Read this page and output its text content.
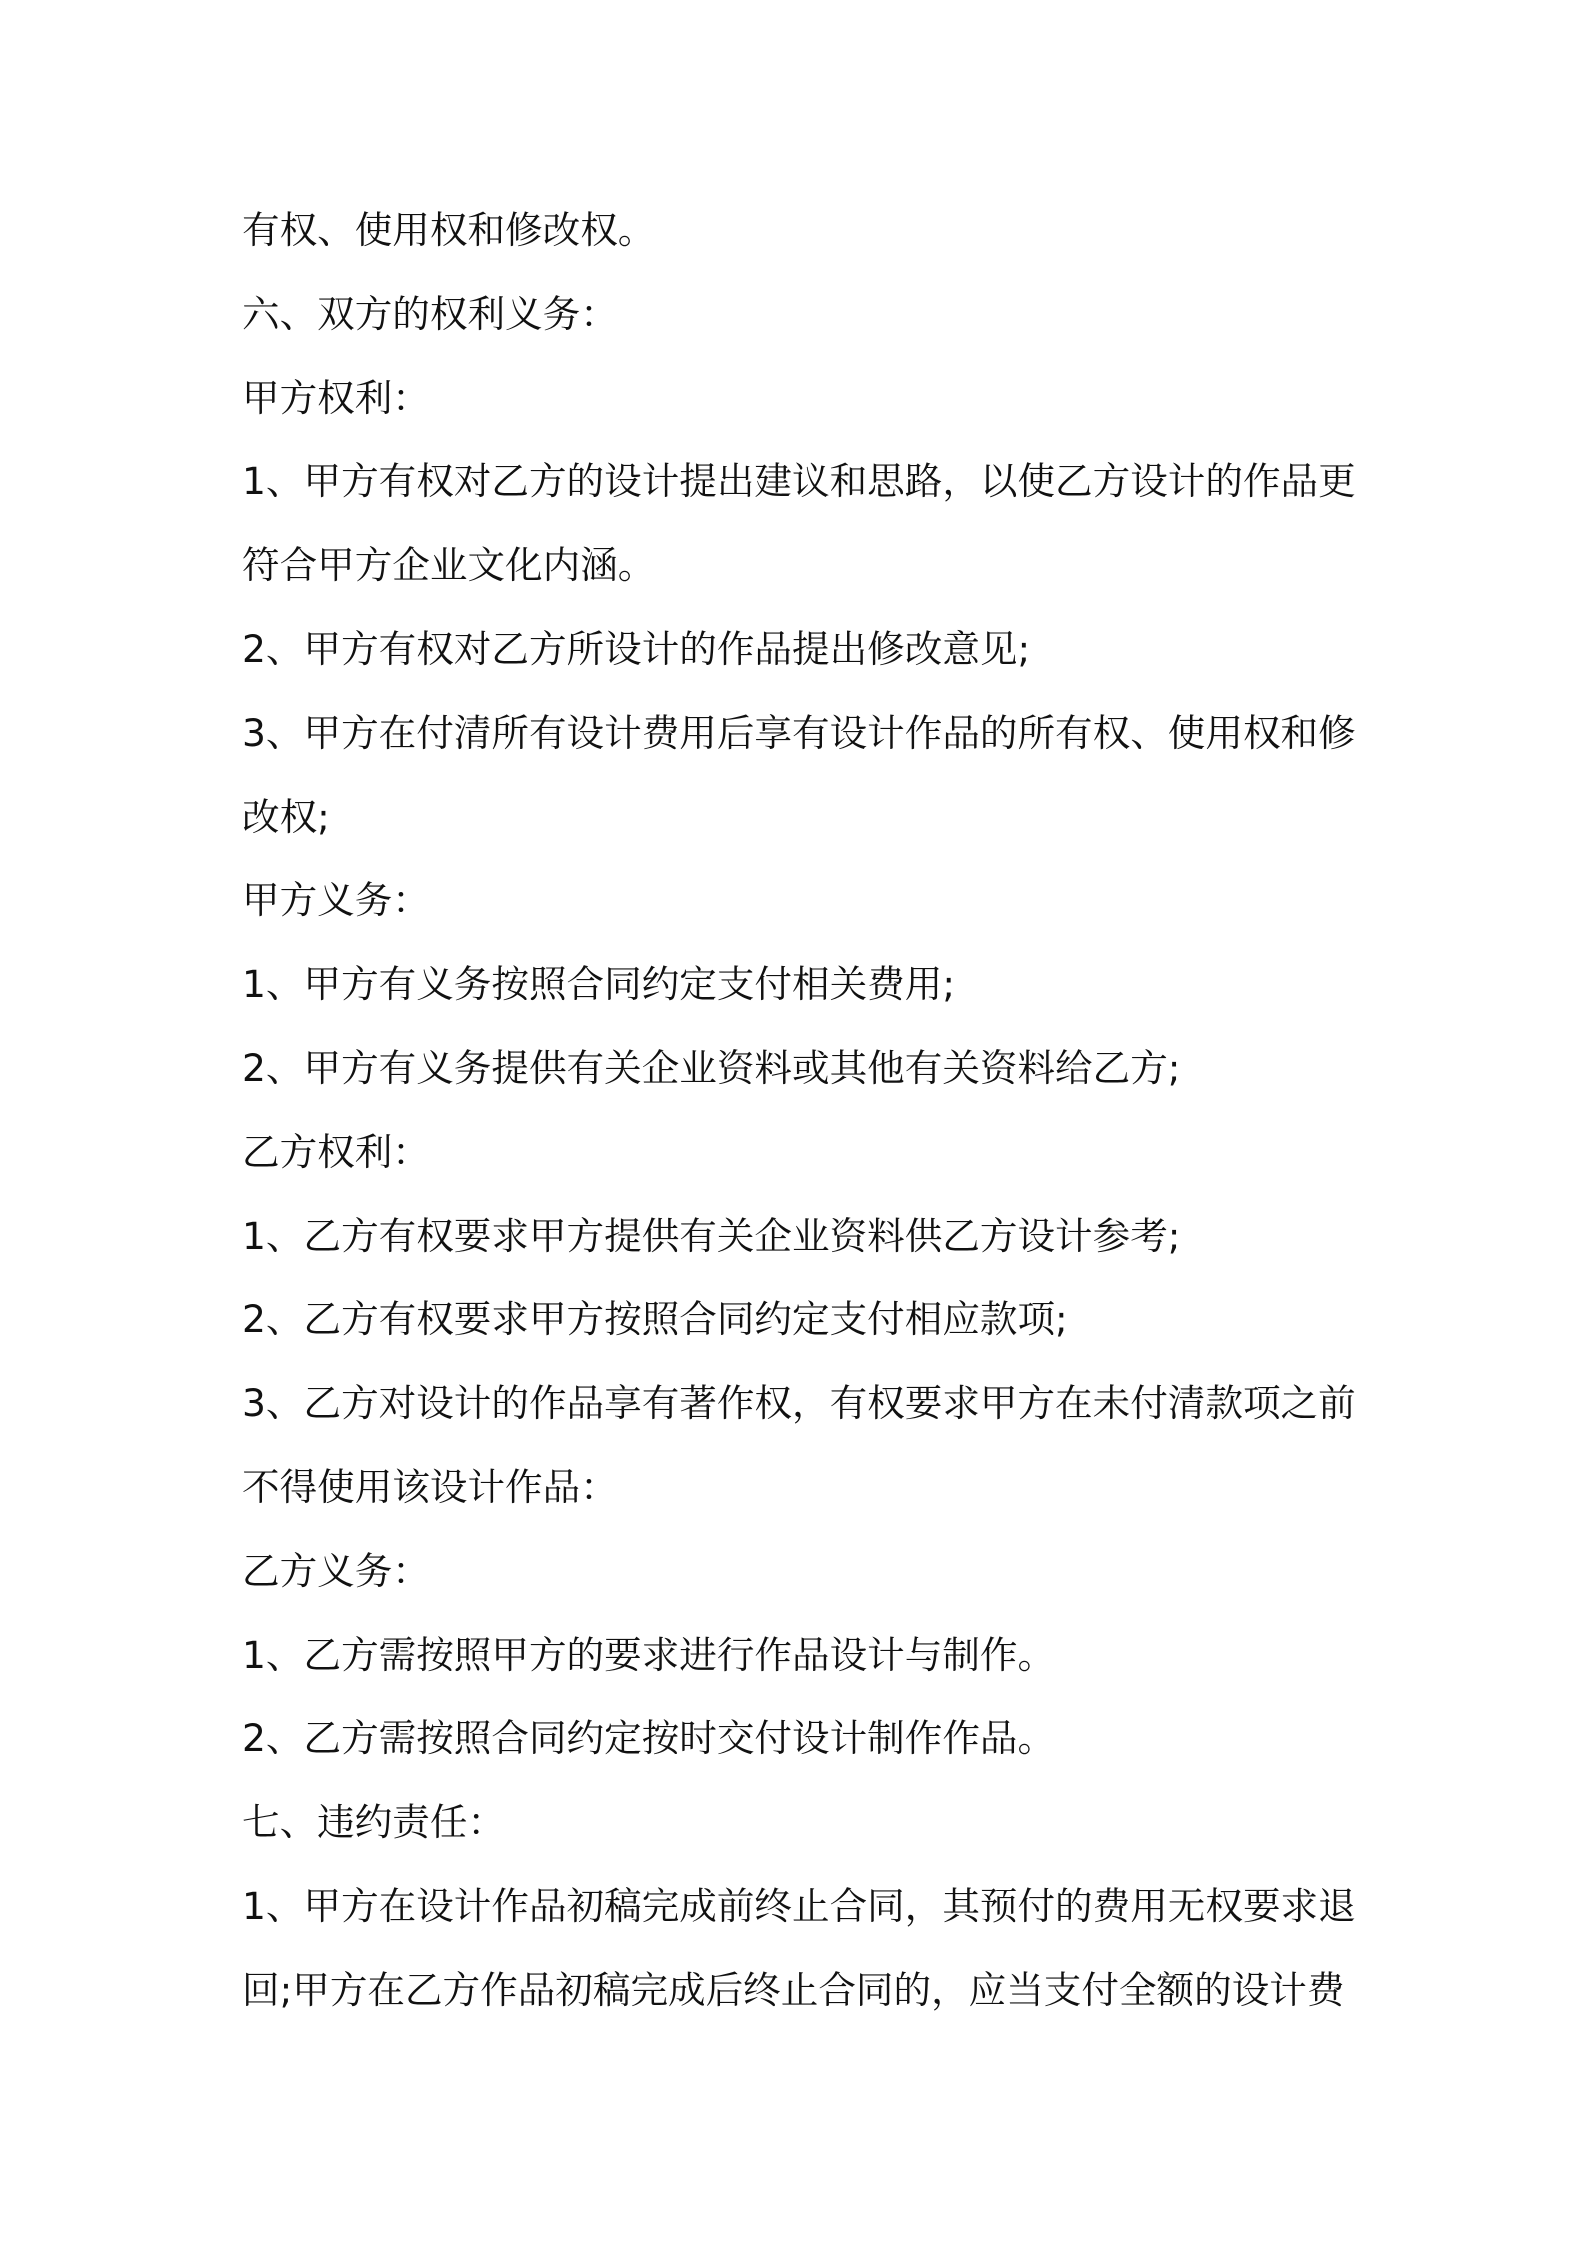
有权、使用权和修改权。
六、双方的权利义务：
甲方权利：
1、甲方有权对乙方的设计提出建议和思路，以使乙方设计的作品更
符合甲方企业文化内涵。
2、甲方有权对乙方所设计的作品提出修改意见;
3、甲方在付清所有设计费用后享有设计作品的所有权、使用权和修
改权;
甲方义务：
1、甲方有义务按照合同约定支付相关费用;
2、甲方有义务提供有关企业资料或其他有关资料给乙方;
乙方权利：
1、乙方有权要求甲方提供有关企业资料供乙方设计参考;
2、乙方有权要求甲方按照合同约定支付相应款项;
3、乙方对设计的作品享有著作权，有权要求甲方在未付清款项之前
不得使用该设计作品：
乙方义务：
1、乙方需按照甲方的要求进行作品设计与制作。
2、乙方需按照合同约定按时交付设计制作作品。
七、违约责任：
1、甲方在设计作品初稿完成前终止合同，其预付的费用无权要求退
回;甲方在乙方作品初稿完成后终止合同的，应当支付全额的设计费
